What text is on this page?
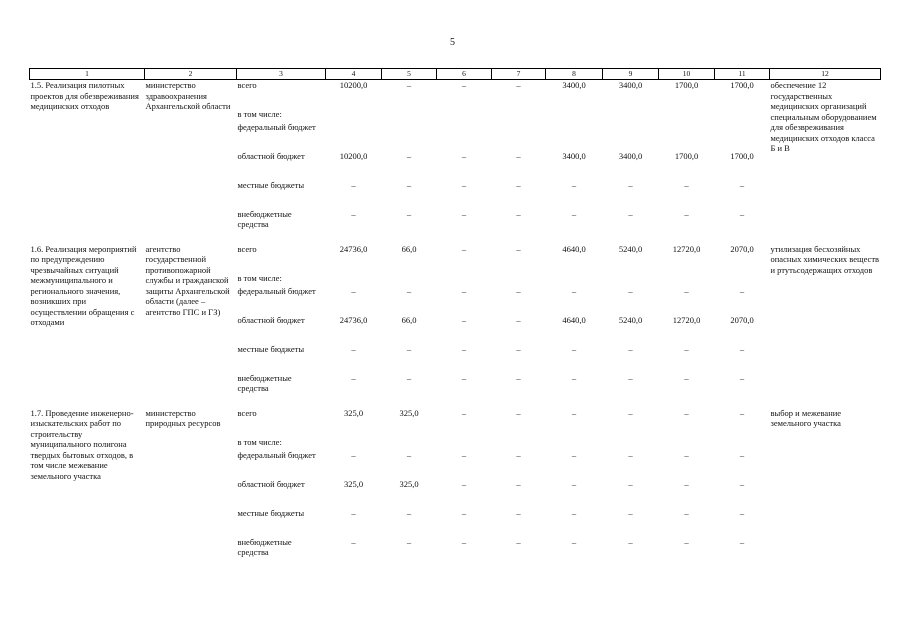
5
1	2	3	4	5	6	7	8	9	10	11	12
1.5. Реализация пилотных проектов для обезвреживания медицинских отходов	министерство здравоохранения Архангельской области	всего	10200,0	–	–	–	3400,0	3400,0	1700,0	1700,0	обеспечение 12 государственных медицинских организаций специальным оборудованием для обезвреживания медицинских отходов класса Б и В
		в том числе:									
		федеральный бюджет									
		областной бюджет	10200,0	–	–	–	3400,0	3400,0	1700,0	1700,0	
		местные бюджеты	–	–	–	–	–	–	–	–	
		внебюджетные средства	–	–	–	–	–	–	–	–	

1.6. Реализация мероприятий по предупреждению чрезвычайных ситуаций межмуниципального и регионального значения, возникших при осуществлении обращения с отходами	агентство государственной противопожарной службы и гражданской защиты Архангельской области (далее – агентство ГПС и ГЗ)	всего	24736,0	66,0	–	–	4640,0	5240,0	12720,0	2070,0	утилизация бесхозяйных опасных химических веществ и ртутьсодержащих отходов
		в том числе:									
		федеральный бюджет	–	–	–	–	–	–	–	–	
		областной бюджет	24736,0	66,0	–	–	4640,0	5240,0	12720,0	2070,0	
		местные бюджеты	–	–	–	–	–	–	–	–	
		внебюджетные средства	–	–	–	–	–	–	–	–	

1.7. Проведение инженерно-изыскательских работ по строительству муниципального полигона твердых бытовых отходов, в том числе межевание земельного участка	министерство природных ресурсов	всего	325,0	325,0	–	–	–	–	–	–	выбор и межевание земельного участка
		в том числе:									
		федеральный бюджет	–	–	–	–	–	–	–	–	
		областной бюджет	325,0	325,0	–	–	–	–	–	–	
		местные бюджеты	–	–	–	–	–	–	–	–	
		внебюджетные средства	–	–	–	–	–	–	–	–	
